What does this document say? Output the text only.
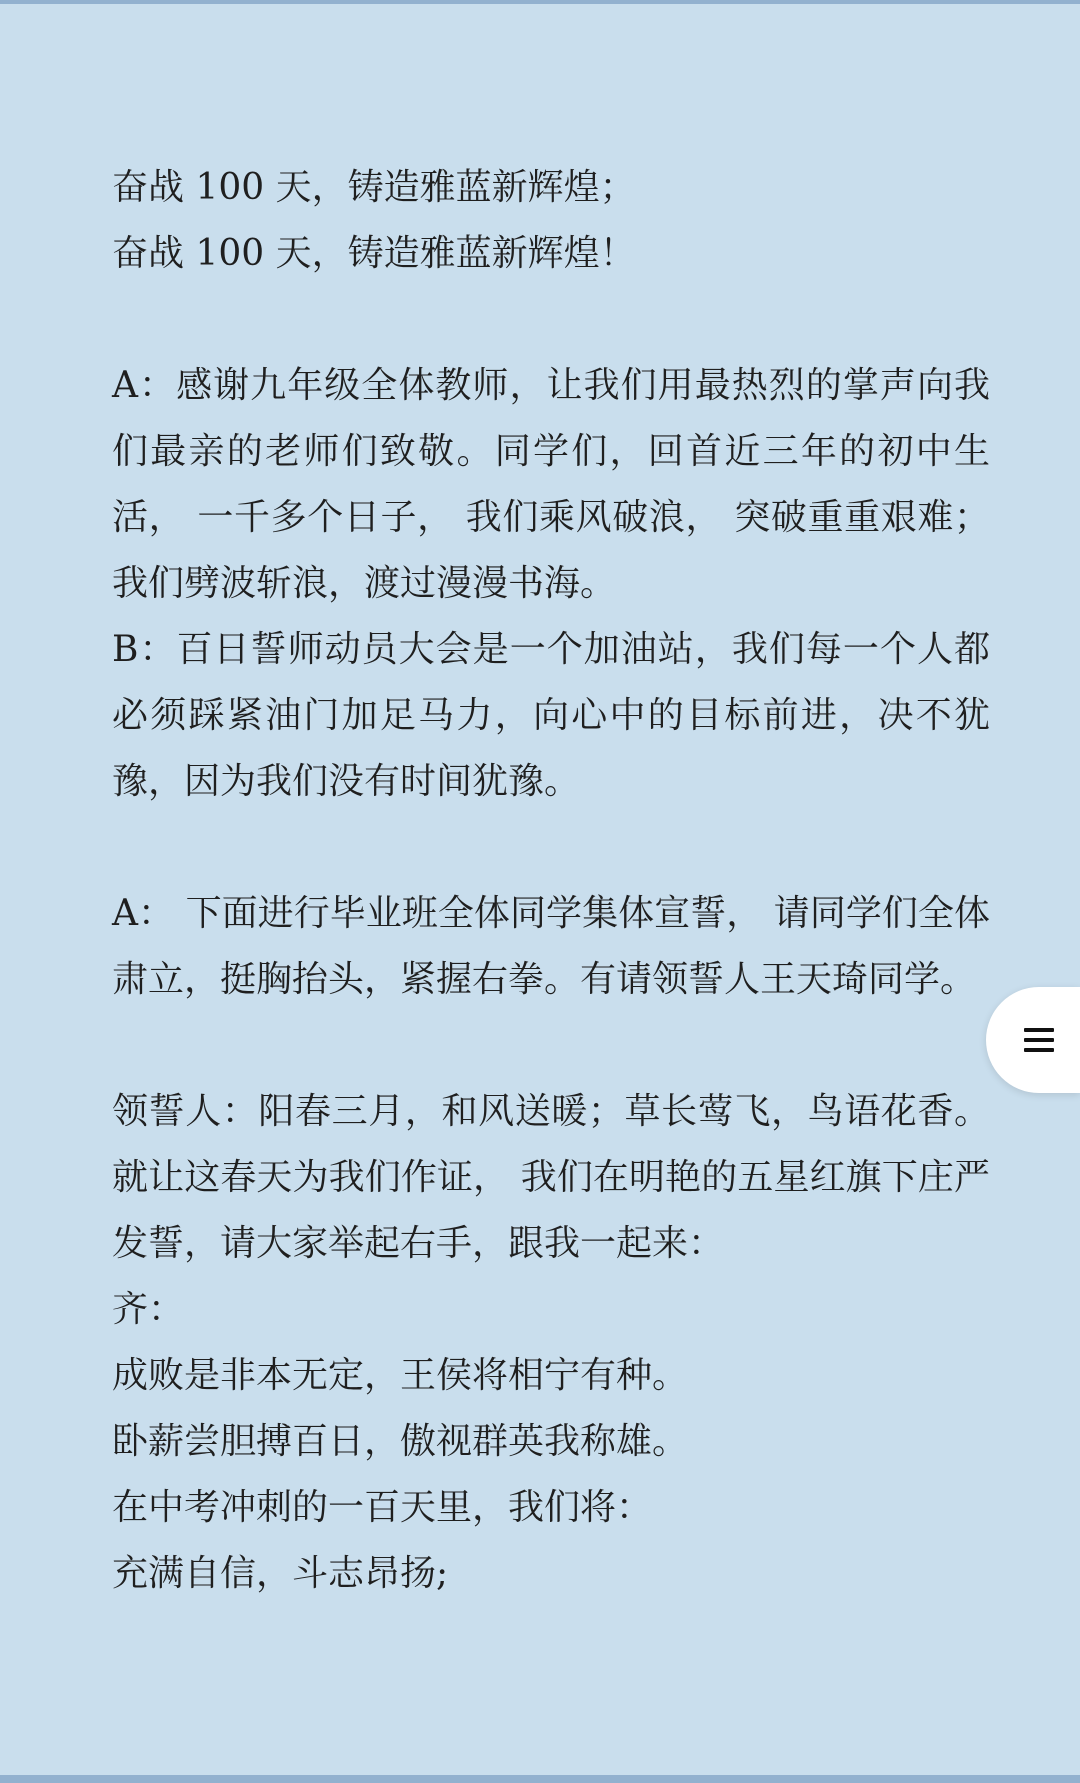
奋战 100 天，铸造雅蓝新辉煌；
奋战 100 天，铸造雅蓝新辉煌！
A：感谢九年级全体教师，让我们用最热烈的掌声向我们最亲的老师们致敬。同学们，回首近三年的初中生活， 一千多个日子， 我们乘风破浪， 突破重重艰难；我们劈波斩浪，渡过漫漫书海。
B：百日誓师动员大会是一个加油站，我们每一个人都必须踩紧油门加足马力，向心中的目标前进，决不犹豫，因为我们没有时间犹豫。
A： 下面进行毕业班全体同学集体宣誓， 请同学们全体肃立，挺胸抬头，紧握右拳。有请领誓人王天琦同学。
领誓人：阳春三月，和风送暖；草长莺飞，鸟语花香。就让这春天为我们作证， 我们在明艳的五星红旗下庄严发誓，请大家举起右手，跟我一起来：
齐：
成败是非本无定，王侯将相宁有种。
卧薪尝胆搏百日，傲视群英我称雄。
在中考冲刺的一百天里，我们将：
充满自信，斗志昂扬;
